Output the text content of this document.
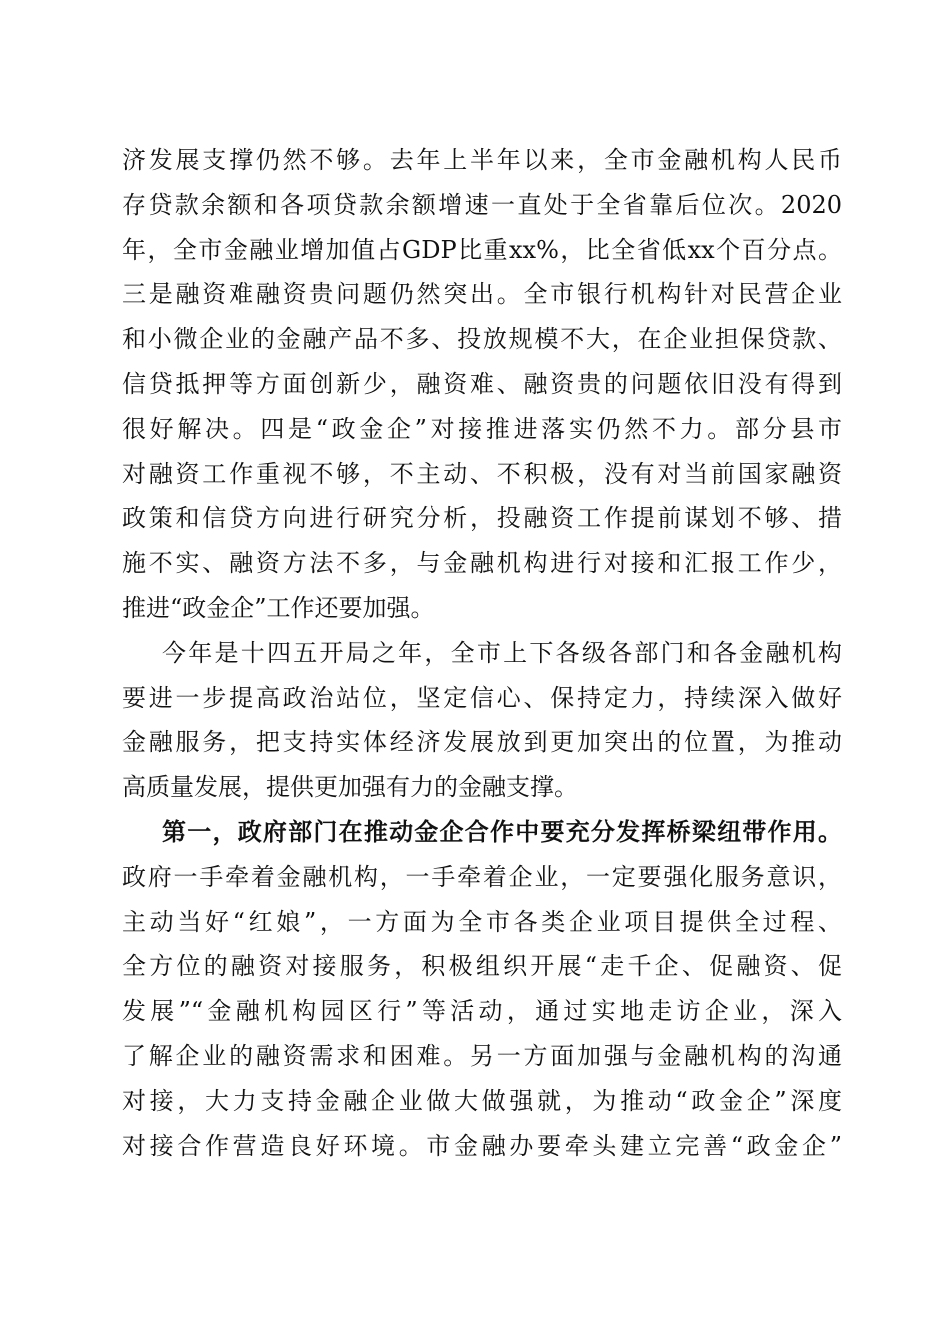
济发展支撑仍然不够。去年上半年以来，全市金融机构人民币

存贷款余额和各项贷款余额增速一直处于全省靠后位次。2020

年，全市金融业增加值占GDP比重xx%，比全省低xx个百分点。

三是融资难融资贵问题仍然突出。全市银行机构针对民营企业

和小微企业的金融产品不多、投放规模不大，在企业担保贷款、

信贷抵押等方面创新少，融资难、融资贵的问题依旧没有得到

很好解决。四是“政金企”对接推进落实仍然不力。部分县市

对融资工作重视不够，不主动、不积极，没有对当前国家融资

政策和信贷方向进行研究分析，投融资工作提前谋划不够、措

施不实、融资方法不多，与金融机构进行对接和汇报工作少，

推进“政金企”工作还要加强。

今年是十四五开局之年，全市上下各级各部门和各金融机构

要进一步提高政治站位，坚定信心、保持定力，持续深入做好

金融服务，把支持实体经济发展放到更加突出的位置，为推动

高质量发展，提供更加强有力的金融支撑。

第一，政府部门在推动金企合作中要充分发挥桥梁纽带作用。

政府一手牵着金融机构，一手牵着企业，一定要强化服务意识，

主动当好“红娘”，一方面为全市各类企业项目提供全过程、

全方位的融资对接服务，积极组织开展“走千企、促融资、促

发展”“金融机构园区行”等活动，通过实地走访企业，深入

了解企业的融资需求和困难。另一方面加强与金融机构的沟通

对接，大力支持金融企业做大做强就，为推动“政金企”深度

对接合作营造良好环境。市金融办要牵头建立完善“政金企”
